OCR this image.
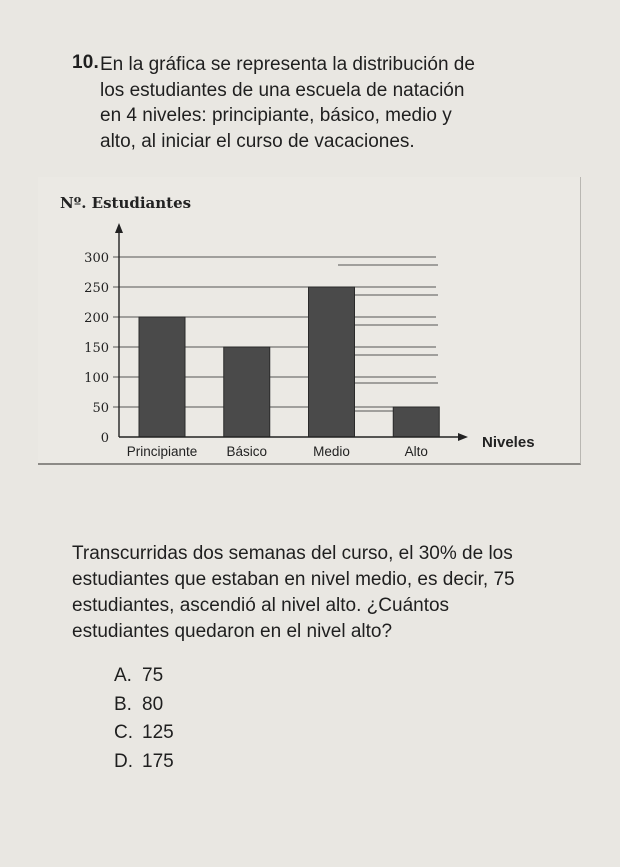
10. En la gráfica se representa la distribución de
los estudiantes de una escuela de natación
en 4 niveles: principiante, básico, medio y
alto, al iniciar el curso de vacaciones.
Nº. Estudiantes
Niveles
0
50
100
150
200
250
300
Principiante Básico	Medio	Alto
Transcurridas dos semanas del curso, el 30% de los
estudiantes que estaban en nivel medio, es decir, 75
estudiantes, ascendió al nivel alto. ¿Cuántos
estudiantes quedaron en el nivel alto?
A. 75
B. 80
C. 125
D. 175
